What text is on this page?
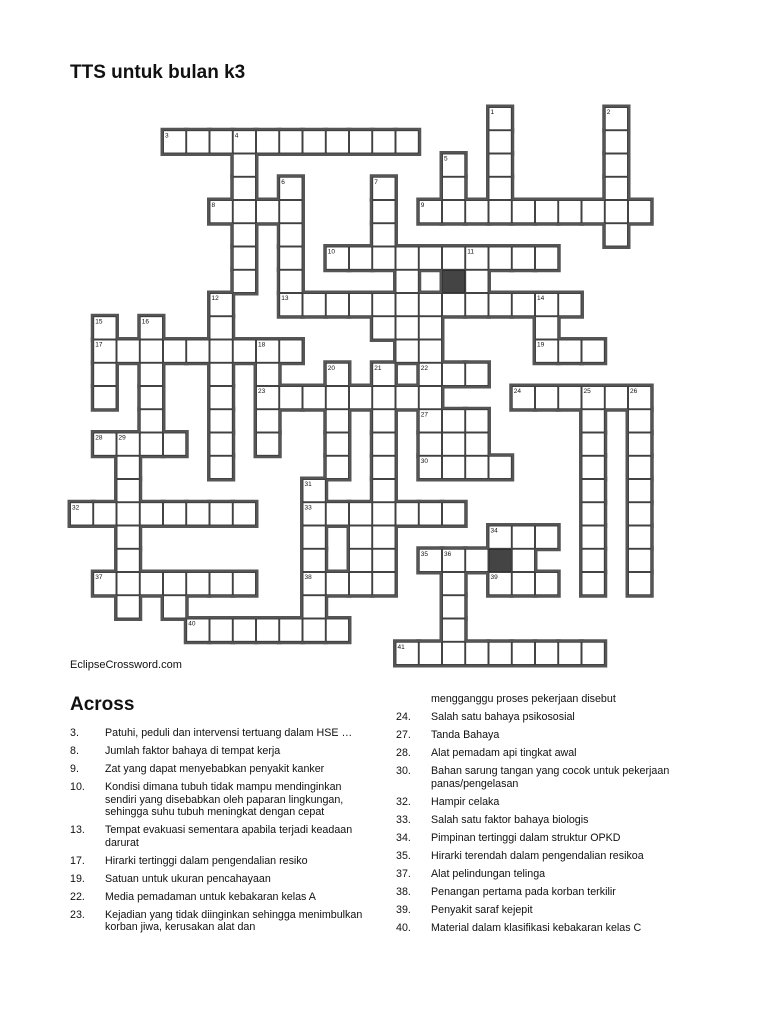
TTS untuk bulan k3
1	2
3	4
5
6	7
8	9
10	11
12	13	14
15	16
17	18	19
20	21	22
23	24	25	26
27
28 29
30
31
32	33
34
35 36
37	38	39
40
41
EclipseCrossword.com
Across
3.	Patuhi, peduli dan intervensi tertuang dalam HSE …
8.	Jumlah faktor bahaya di tempat kerja
9.	Zat yang dapat menyebabkan penyakit kanker
10.	Kondisi dimana tubuh tidak mampu mendinginkan sendiri yang disebabkan oleh paparan lingkungan, sehingga suhu tubuh meningkat dengan cepat
13.	Tempat evakuasi sementara apabila terjadi keadaan darurat
17.	Hirarki tertinggi dalam pengendalian resiko
19.	Satuan untuk ukuran pencahayaan
22.	Media pemadaman untuk kebakaran kelas A
23.	Kejadian yang tidak diinginkan sehingga menimbulkan korban jiwa, kerusakan alat dan
mengganggu proses pekerjaan disebut
24.	Salah satu bahaya psikososial
27.	Tanda Bahaya
28.	Alat pemadam api tingkat awal
30.	Bahan sarung tangan yang cocok untuk pekerjaan panas/pengelasan
32.	Hampir celaka
33.	Salah satu faktor bahaya biologis
34.	Pimpinan tertinggi dalam struktur OPKD
35.	Hirarki terendah dalam pengendalian resikoa
37.	Alat pelindungan telinga
38.	Penangan pertama pada korban terkilir
39.	Penyakit saraf kejepit
40.	Material dalam klasifikasi kebakaran kelas C
